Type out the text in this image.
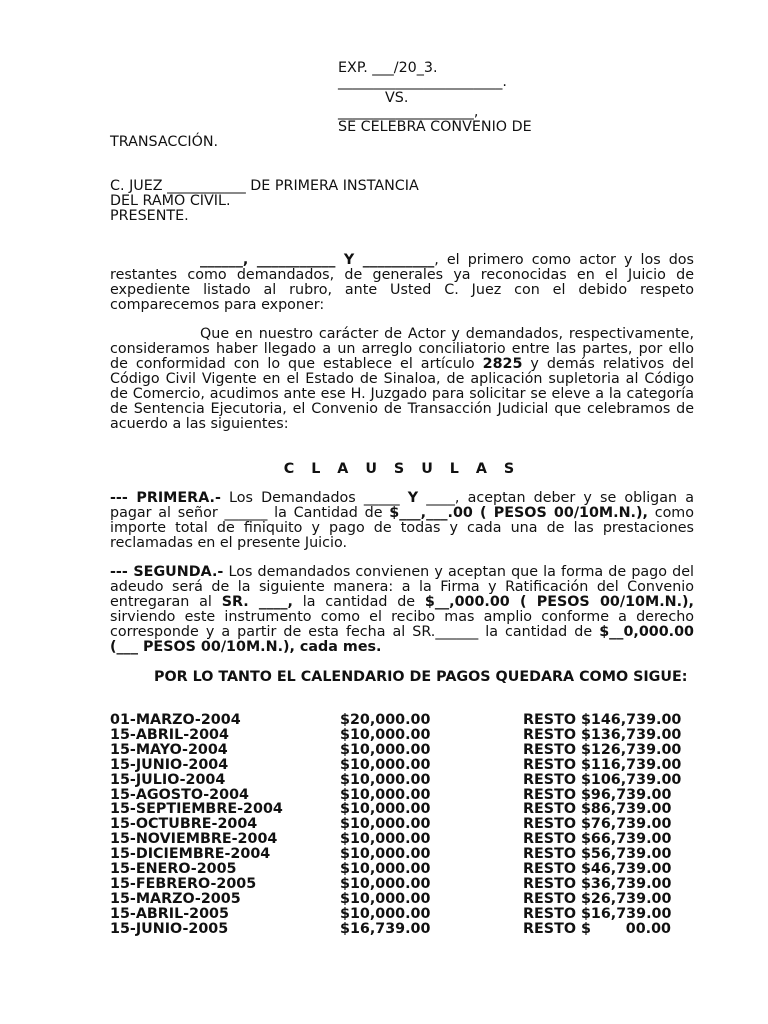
EXP. ___/20_3.
_______________________.
VS.
___________________,
SE CELEBRA CONVENIO DE
TRANSACCIÓN.
C. JUEZ ___________ DE PRIMERA INSTANCIA
DEL RAMO CIVIL.
PRESENTE.
______, ___________ Y __________, el primero como actor y los dos restantes como demandados, de generales ya reconocidas en el Juicio de expediente listado al rubro, ante Usted C. Juez con el debido respeto comparecemos para exponer:
Que en nuestro carácter de Actor y demandados, respectivamente, consideramos haber llegado a un arreglo conciliatorio entre las partes, por ello de conformidad con lo que establece el artículo 2825 y demás relativos del Código Civil Vigente en el Estado de Sinaloa, de aplicación supletoria al Código de Comercio, acudimos ante ese H. Juzgado para solicitar se eleve a la categoría de Sentencia Ejecutoria, el Convenio de Transacción Judicial que celebramos de acuerdo a las siguientes:
C L A U S U L A S
--- PRIMERA.- Los Demandados _____ Y ____, aceptan deber y se obligan a pagar al señor ______ la Cantidad de $___,___.00 ( PESOS 00/10M.N.), como importe total de finiquito y pago de todas y cada una de las prestaciones reclamadas en el presente Juicio.
--- SEGUNDA.- Los demandados convienen y aceptan que la forma de pago del adeudo será de la siguiente manera: a la Firma y Ratificación del Convenio entregaran al SR. ____, la cantidad de $__,000.00 ( PESOS 00/10M.N.), sirviendo este instrumento como el recibo mas amplio conforme a derecho corresponde y a partir de esta fecha al SR.______ la cantidad de $__0,000.00 (___ PESOS 00/10M.N.), cada mes.
POR LO TANTO EL CALENDARIO DE PAGOS QUEDARA COMO SIGUE:
01-MARZO-2004	$20,000.00	RESTO $146,739.00
15-ABRIL-2004	$10,000.00	RESTO $136,739.00
15-MAYO-2004	$10,000.00	RESTO $126,739.00
15-JUNIO-2004	$10,000.00	RESTO $116,739.00
15-JULIO-2004	$10,000.00	RESTO $106,739.00
15-AGOSTO-2004	$10,000.00	RESTO $96,739.00
15-SEPTIEMBRE-2004	$10,000.00	RESTO $86,739.00
15-OCTUBRE-2004	$10,000.00	RESTO $76,739.00
15-NOVIEMBRE-2004	$10,000.00	RESTO $66,739.00
15-DICIEMBRE-2004	$10,000.00	RESTO $56,739.00
15-ENERO-2005	$10,000.00	RESTO $46,739.00
15-FEBRERO-2005	$10,000.00	RESTO $36,739.00
15-MARZO-2005	$10,000.00	RESTO $26,739.00
15-ABRIL-2005	$10,000.00	RESTO $16,739.00
15-JUNIO-2005	$16,739.00	RESTO $       00.00
